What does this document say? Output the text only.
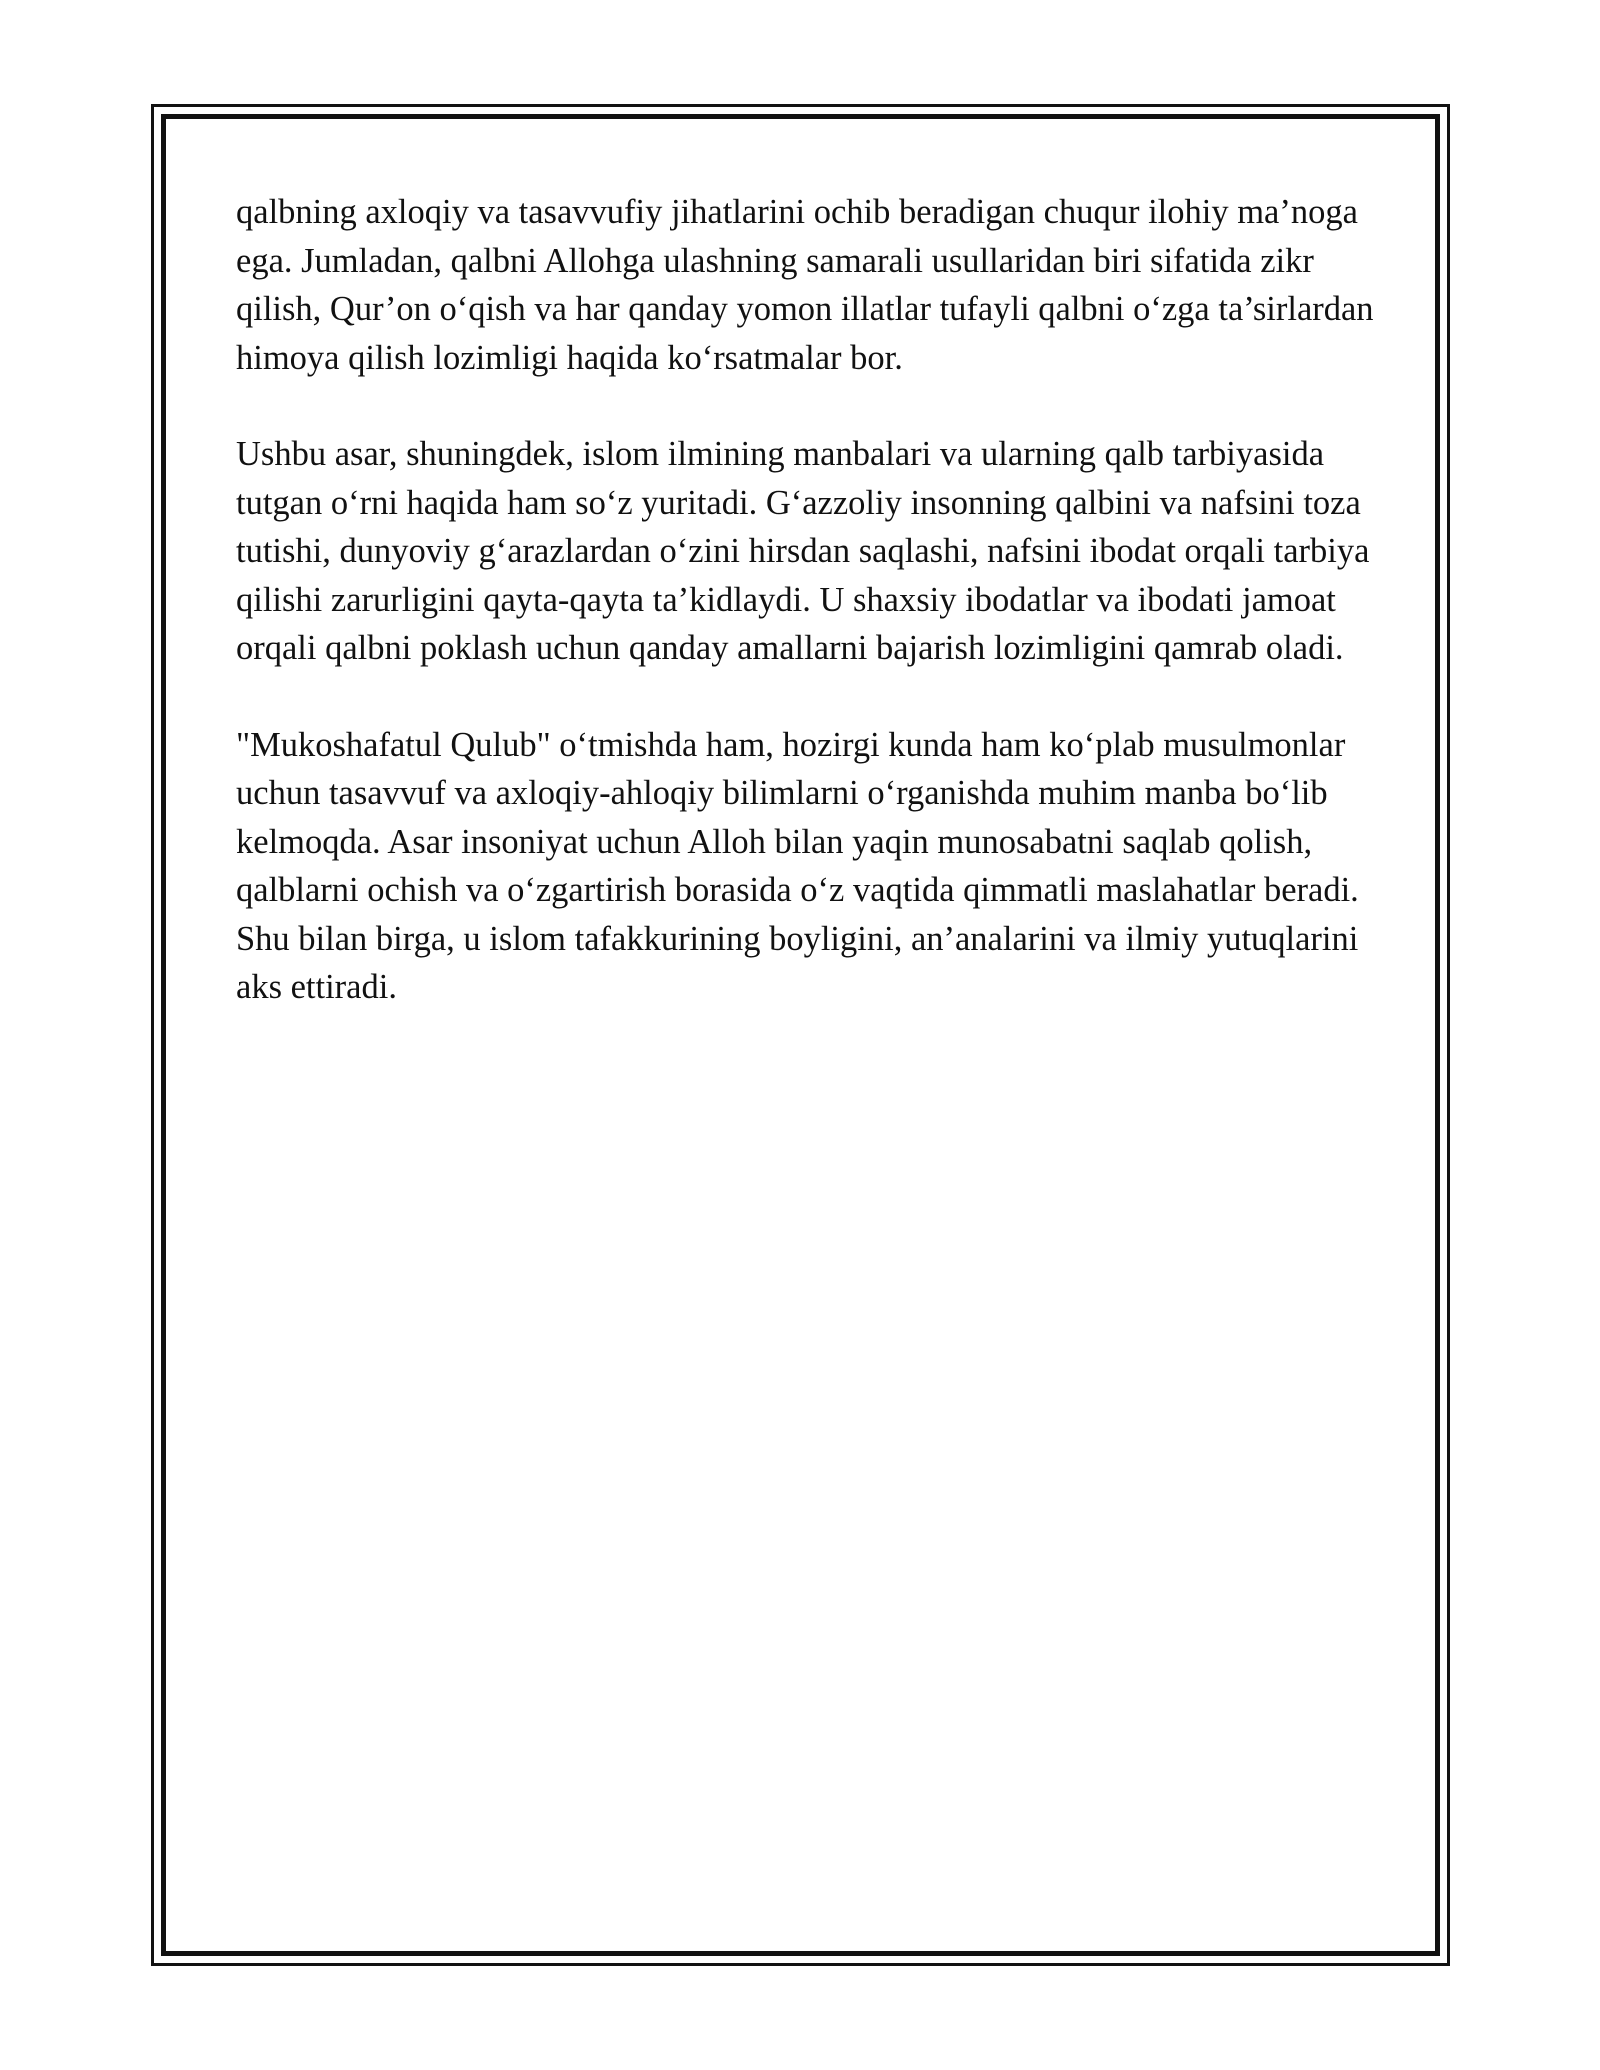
qalbning axloqiy va tasavvufiy jihatlarini ochib beradigan chuqur ilohiy ma’noga ega. Jumladan, qalbni Allohga ulashning samarali usullaridan biri sifatida zikr qilish, Qur’on o‘qish va har qanday yomon illatlar tufayli qalbni o‘zga ta’sirlardan himoya qilish lozimligi haqida ko‘rsatmalar bor.

Ushbu asar, shuningdek, islom ilmining manbalari va ularning qalb tarbiyasida tutgan o‘rni haqida ham so‘z yuritadi. G‘azzoliy insonning qalbini va nafsini toza tutishi, dunyoviy g‘arazlardan o‘zini hirsdan saqlashi, nafsini ibodat orqali tarbiya qilishi zarurligini qayta-qayta ta’kidlaydi. U shaxsiy ibodatlar va ibodati jamoat orqali qalbni poklash uchun qanday amallarni bajarish lozimligini qamrab oladi.

"Mukoshafatul Qulub" o‘tmishda ham, hozirgi kunda ham ko‘plab musulmonlar uchun tasavvuf va axloqiy-ahloqiy bilimlarni o‘rganishda muhim manba bo‘lib kelmoqda. Asar insoniyat uchun Alloh bilan yaqin munosabatni saqlab qolish, qalblarni ochish va o‘zgartirish borasida o‘z vaqtida qimmatli maslahatlar beradi. Shu bilan birga, u islom tafakkurining boyligini, an’analarini va ilmiy yutuqlarini aks ettiradi.
